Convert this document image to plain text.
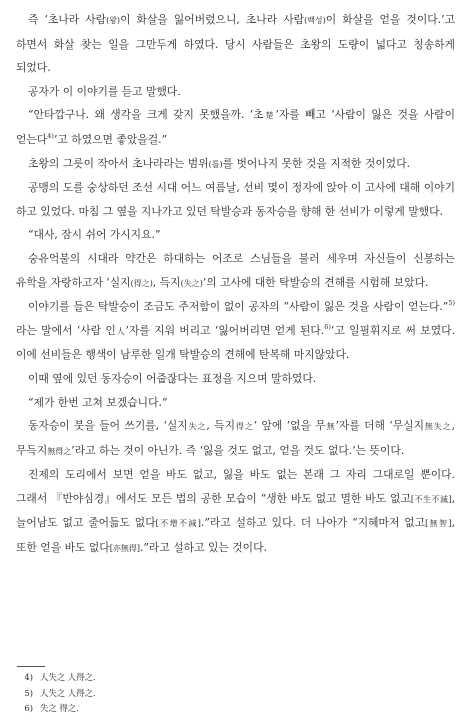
즉 ‘초나라 사람(왕)이 화살을 잃어버렸으니, 초나라 사람(백성)이 화살을 얻을 것이다.’고 하면서 화살 찾는 일을 그만두게 하였다. 당시 사람들은 초왕의 도량이 넓다고 칭송하게 되었다.

공자가 이 이야기를 듣고 말했다.

“안타깝구나. 왜 생각을 크게 갖지 못했을까. ‘초楚’자를 빼고 ‘사람이 잃은 것을 사람이 얻는다$^{4)}$’고 하였으면 좋았을걸.”

초왕의 그릇이 작아서 초나라라는 범위(틀)를 벗어나지 못한 것을 지적한 것이었다.

공맹의 도를 숭상하던 조선 시대 어느 여름날, 선비 몇이 정자에 앉아 이 고사에 대해 이야기 하고 있었다. 마침 그 옆을 지나가고 있던 탁발승과 동자승을 향해 한 선비가 이렇게 말했다.

“대사, 잠시 쉬어 가시지요.”

숭유억불의 시대라 약간은 하대하는 어조로 스님들을 불러 세우며 자신들이 신봉하는 유학을 자랑하고자 ‘실지(得之), 득지(失之)’의 고사에 대한 탁발승의 견해를 시험해 보았다.

이야기를 들은 탁발승이 조금도 주저함이 없이 공자의 “사람이 잃은 것을 사람이 얻는다.”$^{5)}$라는 말에서 ‘사람 인人’자를 지워 버리고 ‘잃어버리면 얻게 된다.$^{6)}$’고 일필휘지로 써 보였다. 이에 선비들은 행색이 남루한 일개 탁발승의 견해에 탄복해 마지않았다.

이때 옆에 있던 동자승이 어줍잖다는 표정을 지으며 말하였다.

“제가 한번 고쳐 보겠습니다.”

동자승이 붓을 들어 쓰기를, ‘실지失之, 득지得之’ 앞에 ‘없을 무無’자를 더해 ‘무실지無失之, 무득지無得之’라고 하는 것이 아닌가. 즉 ‘잃을 것도 없고, 얻을 것도 없다.’는 뜻이다.

진제의 도리에서 보면 얻을 바도 없고, 잃을 바도 없는 본래 그 자리 그대로일 뿐이다. 그래서 『반야심경』에서도 모든 법의 공한 모습이 “생한 바도 없고 멸한 바도 없고[不生不滅], 늘어남도 없고 줄어듦도 없다[不增不減].”라고 설하고 있다. 더 나아가 “지혜마저 없고[無智], 또한 얻을 바도 없다[亦無得].”라고 설하고 있는 것이다.

4) 人失之 人得之.
5) 人失之 人得之.
6) 失之 得之.
